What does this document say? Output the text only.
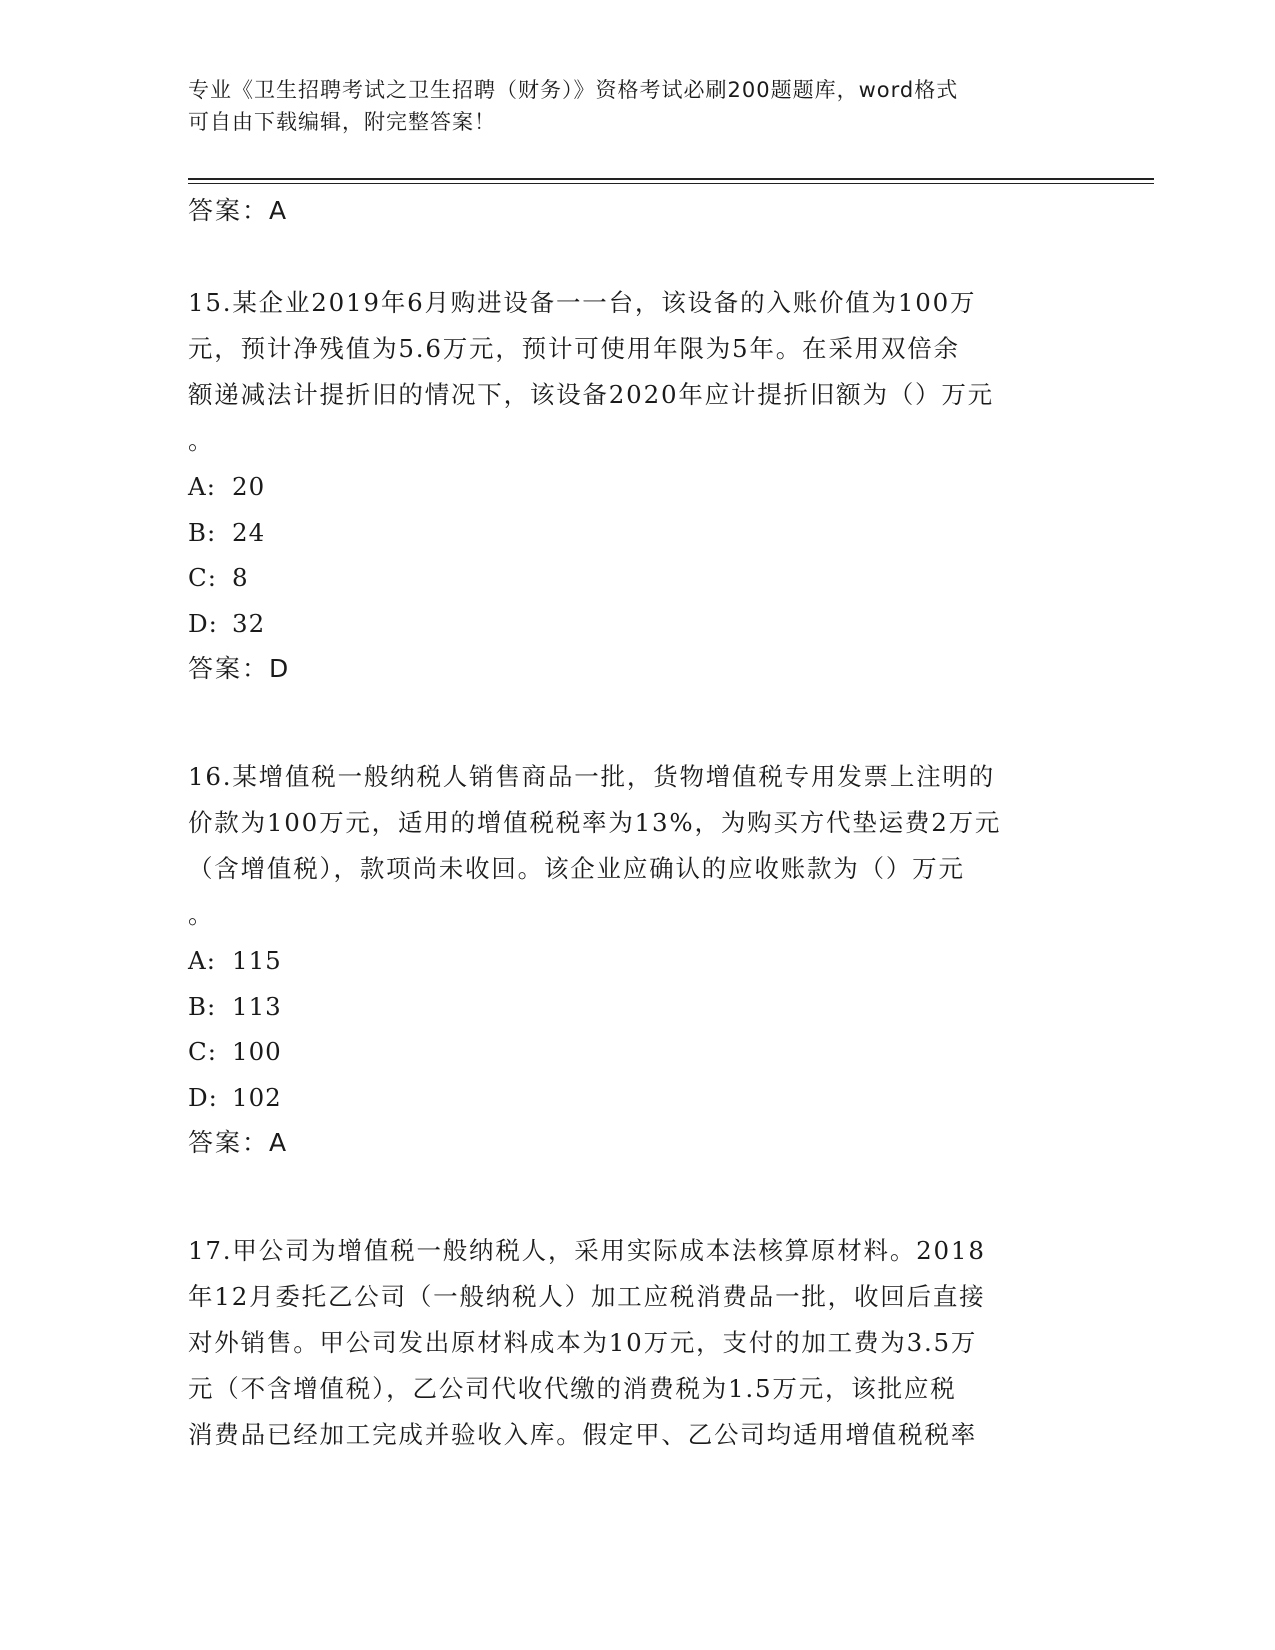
专业《卫生招聘考试之卫生招聘（财务）》资格考试必刷200题题库，word格式
可自由下载编辑，附完整答案！
答案：A
15.某企业2019年6月购进设备一一台，该设备的入账价值为100万
元，预计净残值为5.6万元，预计可使用年限为5年。在采用双倍余
额递减法计提折旧的情况下，该设备2020年应计提折旧额为（）万元
。
A: 20
B: 24
C: 8
D: 32
答案：D
16.某增值税一般纳税人销售商品一批，货物增值税专用发票上注明的
价款为100万元，适用的增值税税率为13%，为购买方代垫运费2万元
（含增值税），款项尚未收回。该企业应确认的应收账款为（）万元
。
A: 115
B: 113
C: 100
D: 102
答案：A
17.甲公司为增值税一般纳税人，采用实际成本法核算原材料。2018
年12月委托乙公司（一般纳税人）加工应税消费品一批，收回后直接
对外销售。甲公司发出原材料成本为10万元，支付的加工费为3.5万
元（不含增值税），乙公司代收代缴的消费税为1.5万元，该批应税
消费品已经加工完成并验收入库。假定甲、乙公司均适用增值税税率
